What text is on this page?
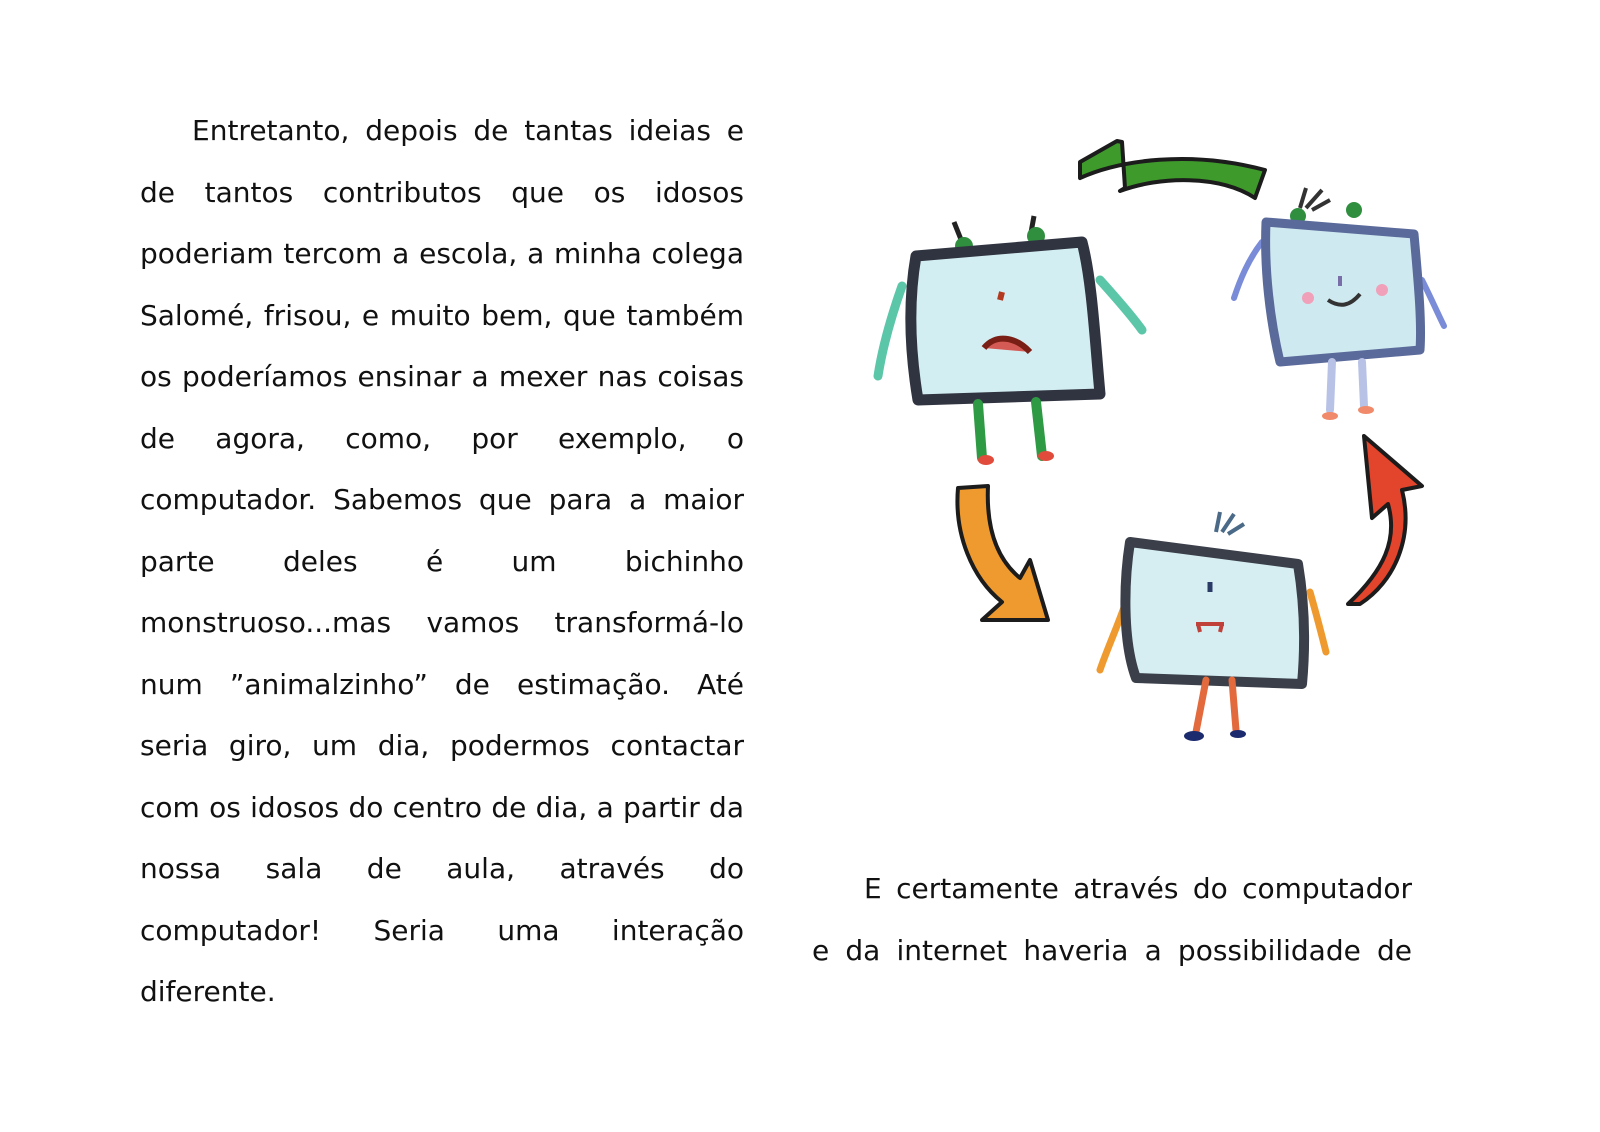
Entretanto, depois de tantas ideias e de tantos contributos que os idosos poderiam tercom a escola, a minha colega Salomé, frisou, e muito bem, que também os poderíamos ensinar a mexer nas coisas de agora, como, por exemplo, o computador. Sabemos que para a maior parte deles é um bichinho monstruoso...mas vamos transformá-lo num ”animalzinho” de estimação. Até seria giro, um dia, podermos contactar com os idosos do centro de dia, a partir da nossa sala de aula, através do computador! Seria uma interação diferente.

E certamente através do computador e da internet haveria a possibilidade de
